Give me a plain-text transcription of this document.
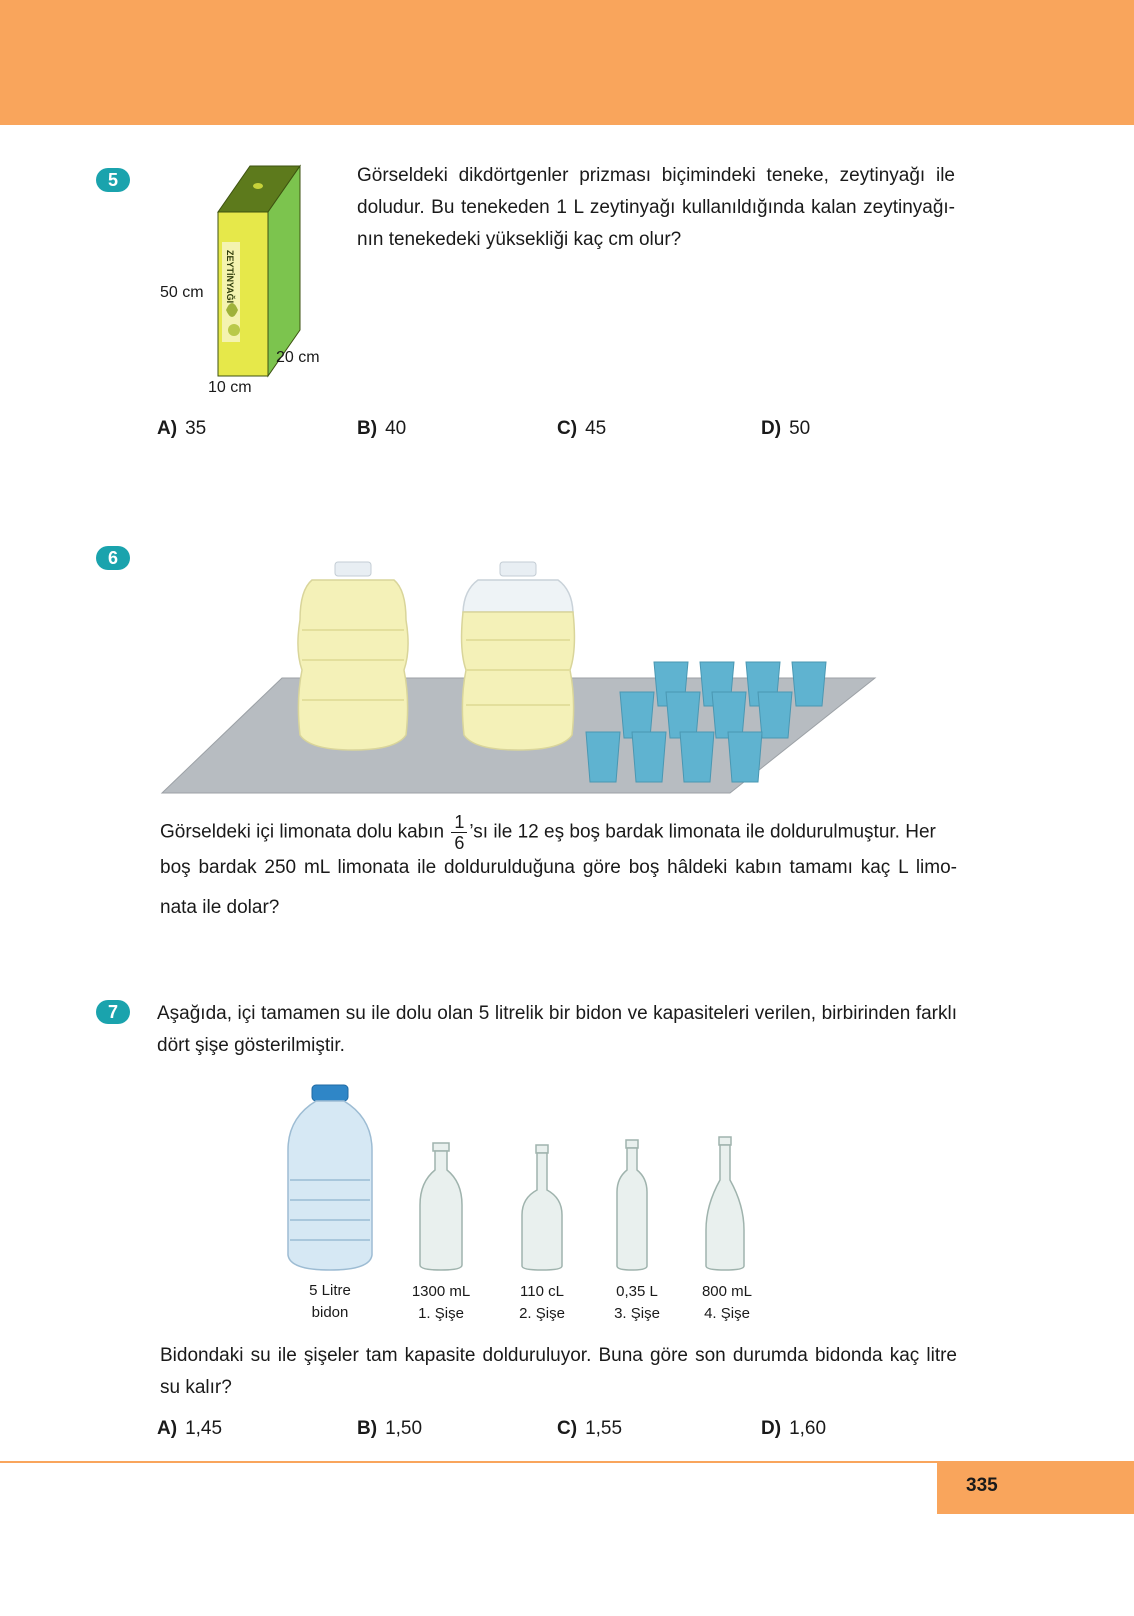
5
ZEYTİNYAĞI
50 cm
20 cm
10 cm
Görseldeki dikdörtgenler prizması biçimindeki teneke, zeytinyağı ile
doludur. Bu tenekeden 1 L zeytinyağı kullanıldığında kalan zeytinyağı-
nın tenekedeki yüksekliği kaç cm olur?
A) 35	B) 40	C) 45	D) 50
6
Görseldeki içi limonata dolu kabın $\frac{1}{6}$ ’sı ile 12 eş boş bardak limonata ile doldurulmuştur. Her
boş bardak 250 mL limonata ile doldurulduğuna göre boş hâldeki kabın tamamı kaç L limo-
nata ile dolar?
7	Aşağıda, içi tamamen su ile dolu olan 5 litrelik bir bidon ve kapasiteleri verilen, birbirinden farklı
dört şişe gösterilmiştir.
5 Litre
bidon
1300 mL
1. Şişe
110 cL
2. Şişe
0,35 L
3. Şişe
800 mL
4. Şişe
Bidondaki su ile şişeler tam kapasite dolduruluyor. Buna göre son durumda bidonda kaç litre
su kalır?
A) 1,45	B) 1,50	C) 1,55	D) 1,60
335
